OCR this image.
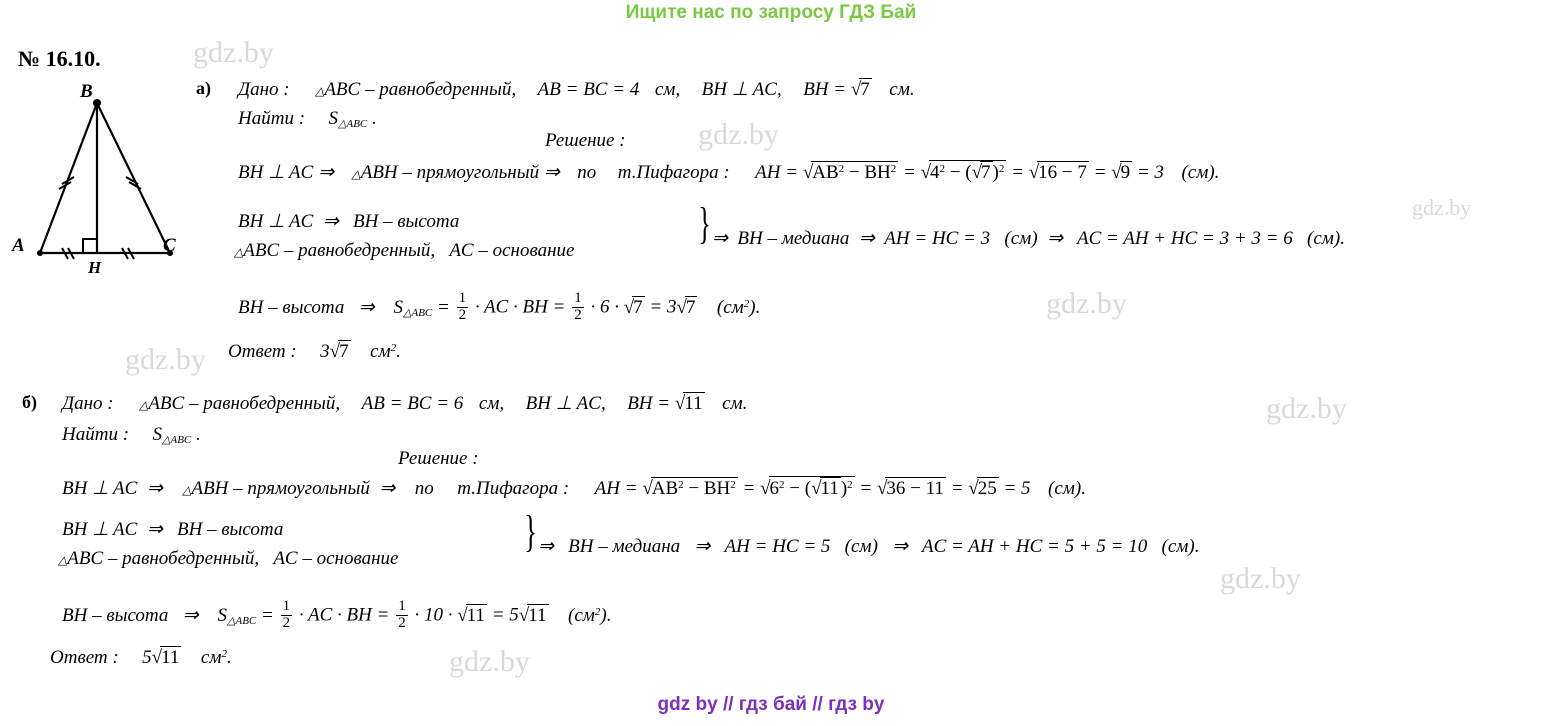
Ищите нас по запросу ГДЗ Бай
gdz.by
gdz.by
gdz.by
gdz.by
gdz.by
gdz.by
gdz.by
gdz.by
№ 16.10.
B
A	C
H
а) Дано : △ABC – равнобедренный, AB = BC = 4 см, BH ⊥ AC, BH = √7 см.
Найти : $S_{\triangle ABC}$ .
Решение :
BH ⊥ AC ⇒ △ABH – прямоугольный ⇒ по т.Пифагора : AH = $√AB^2 - BH^2 = √4^2 - (√7$ )$^2$ = √16 − 7 = √9 = 3 (см).
BH ⊥ AC  ⇒   BH – высота
△ABC – равнобедренный,   AC – основание
} ⇒  BH – медиана  ⇒  AH = HC = 3   (см)  ⇒   AC = AH + HC = 3 + 3 = 6   (см).
BH – высота   ⇒    $S_{\triangle ABC} = \frac{1}{2}$ · AC · BH = $\frac{1}{2} \cdot 6 \cdot √7 = 3√7$ $(см^2)$.
Ответ : 3√7 $см^2$.
б) Дано : △ABC – равнобедренный, AB = BC = 6 см, BH ⊥ AC, BH = √11 см.
Найти : $S_{\triangle ABC}$ .
Решение :
BH ⊥ AC  ⇒ △ABH – прямоугольный  ⇒ по т.Пифагора : AH = $√AB^2 - BH^2 = √6^2 - (√11$ )$^2$ = √36 − 11 = √25 = 5 (см).
BH ⊥ AC  ⇒   BH – высота
△ABC – равнобедренный,   AC – основание
} ⇒   BH – медиана   ⇒   AH = HC = 5   (см)   ⇒   AC = AH + HC = 5 + 5 = 10   (см).
BH – высота   ⇒    $S_{\triangle ABC} = \frac{1}{2}$ · AC · BH = $\frac{1}{2} \cdot 10 \cdot √11 = 5√11$ $(см^2)$.
Ответ : 5√11 $см^2$.
gdz by // гдз бай // гдз by
